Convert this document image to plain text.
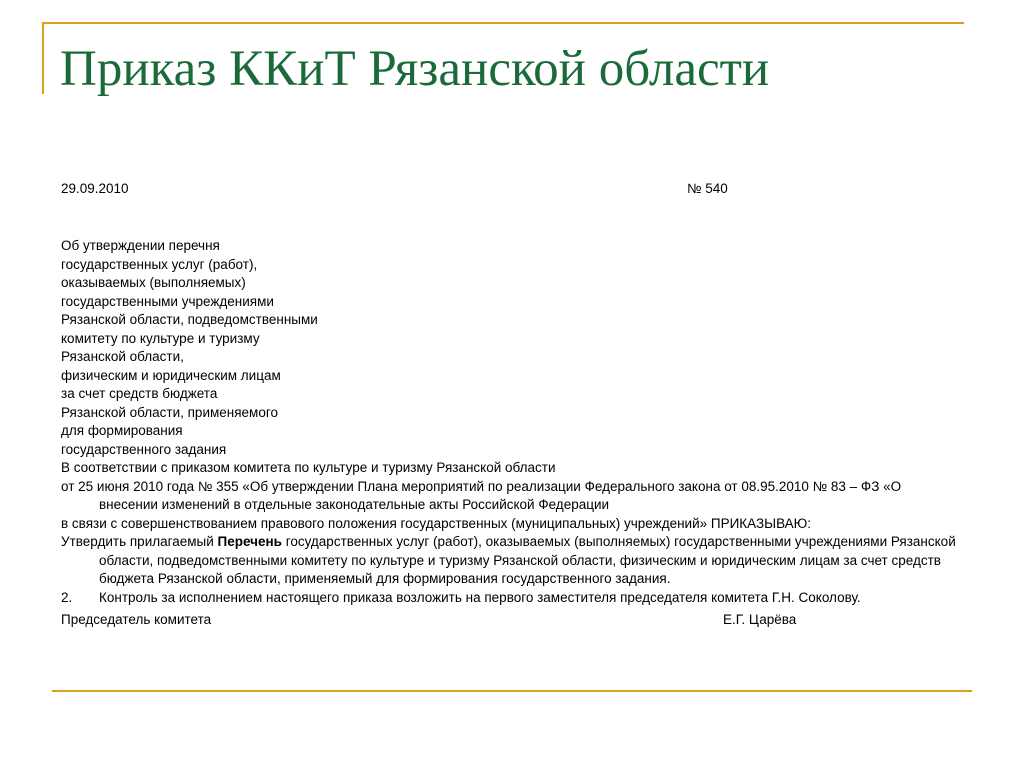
Приказ ККиТ Рязанской области
29.09.2010	№ 540
Об утверждении перечня
государственных услуг (работ),
оказываемых (выполняемых)
государственными учреждениями
Рязанской области, подведомственными
комитету по культуре и туризму
Рязанской области,
физическим и юридическим лицам
за счет средств бюджета
Рязанской области, применяемого
для формирования
государственного задания
В соответствии с приказом комитета по культуре и туризму Рязанской области
от 25 июня 2010 года № 355 «Об утверждении Плана мероприятий по реализации Федерального закона от 08.95.2010 № 83 – ФЗ «О внесении изменений в отдельные законодательные акты Российской Федерации
в связи с совершенствованием правового положения государственных (муниципальных) учреждений» ПРИКАЗЫВАЮ:
Утвердить прилагаемый Перечень государственных услуг (работ), оказываемых (выполняемых) государственными учреждениями Рязанской области, подведомственными комитету по культуре и туризму Рязанской области, физическим и юридическим лицам за счет средств бюджета Рязанской области, применяемый для формирования государственного задания.
2.	Контроль за исполнением настоящего приказа возложить на первого заместителя председателя комитета Г.Н. Соколову.
Председатель комитета	Е.Г. Царёва
